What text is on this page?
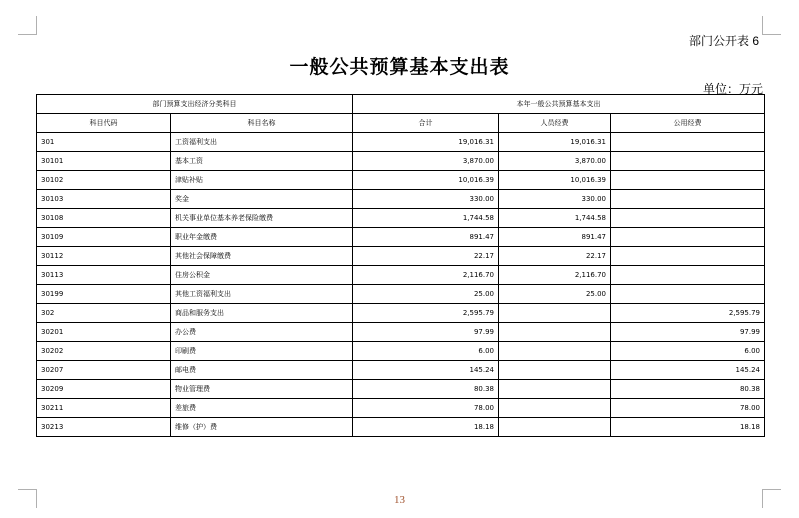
部门公开表 6
一般公共预算基本支出表
单位：万元
部门预算支出经济分类科目		本年一般公共预算基本支出		
科目代码	科目名称	合计	人员经费	公用经费
301	工资福利支出	19,016.31	19,016.31	
30101	基本工资	3,870.00	3,870.00	
30102	津贴补贴	10,016.39	10,016.39	
30103	奖金	330.00	330.00	
30108	机关事业单位基本养老保险缴费	1,744.58	1,744.58	
30109	职业年金缴费	891.47	891.47	
30112	其他社会保障缴费	22.17	22.17	
30113	住房公积金	2,116.70	2,116.70	
30199	其他工资福利支出	25.00	25.00	
302	商品和服务支出	2,595.79		2,595.79
30201	办公费	97.99		97.99
30202	印刷费	6.00		6.00
30207	邮电费	145.24		145.24
30209	物业管理费	80.38		80.38
30211	差旅费	78.00		78.00
30213	维修（护）费	18.18		18.18
13
